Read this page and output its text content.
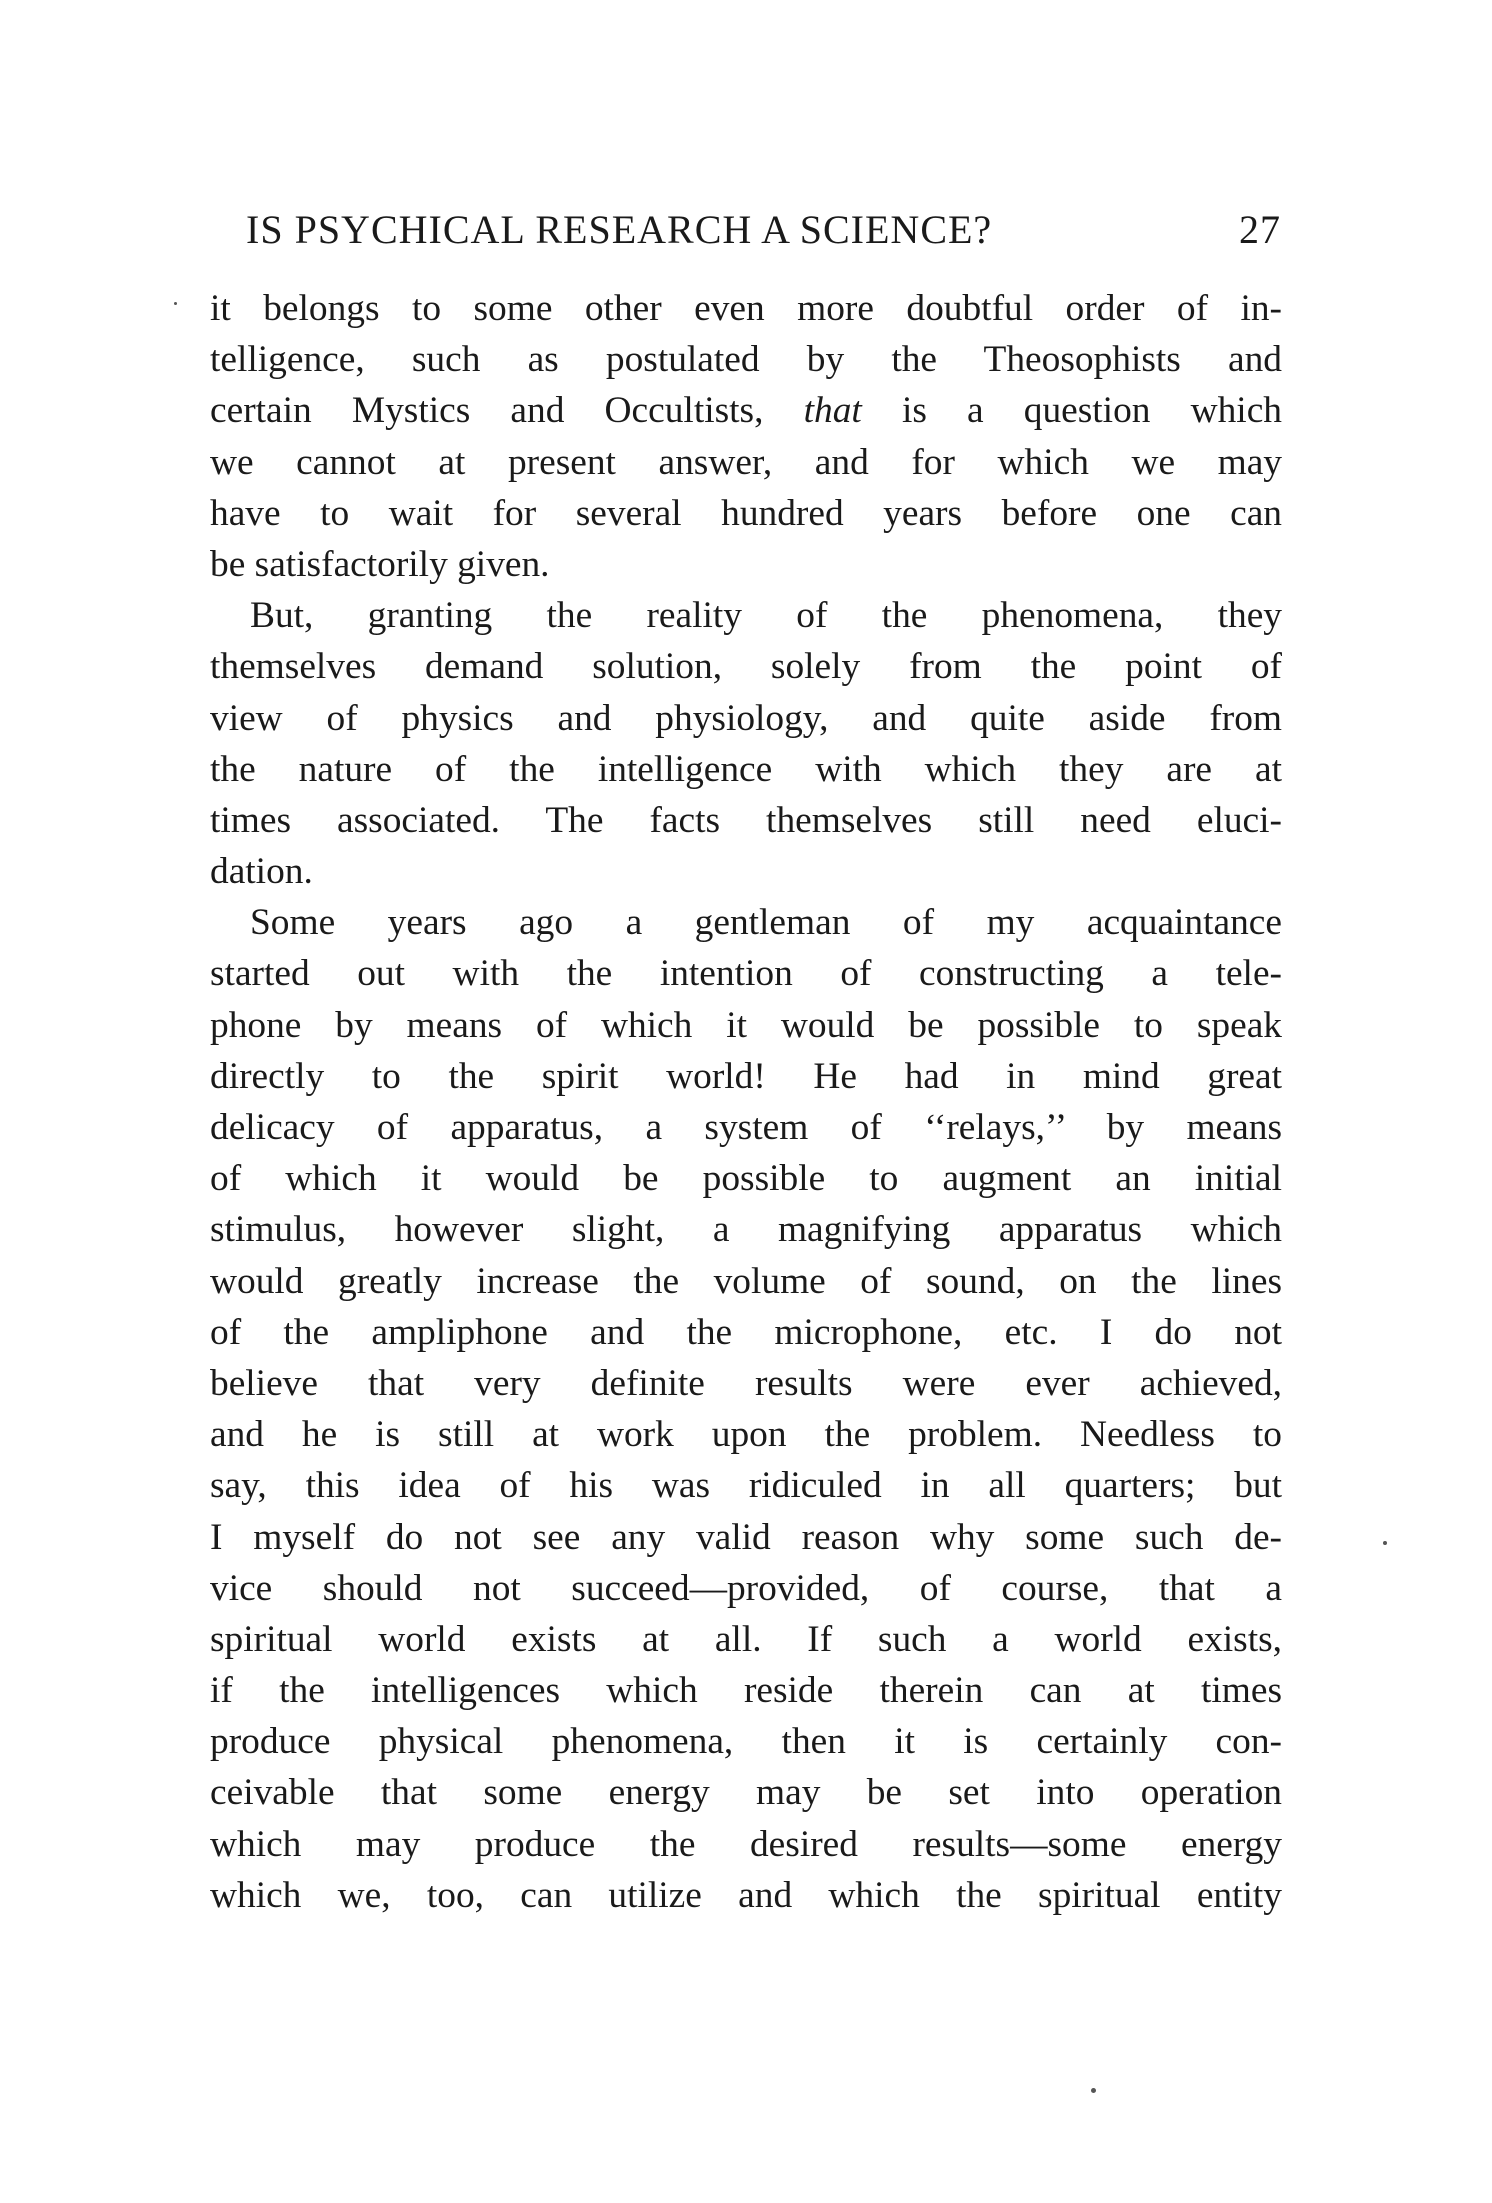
IS PSYCHICAL RESEARCH A SCIENCE?	27
it belongs to some other even more doubtful order of in-
telligence, such as postulated by the Theosophists and
certain Mystics and Occultists, that is a question which
we cannot at present answer, and for which we may
have to wait for several hundred years before one can
be satisfactorily given.
But, granting the reality of the phenomena, they
themselves demand solution, solely from the point of
view of physics and physiology, and quite aside from
the nature of the intelligence with which they are at
times associated. The facts themselves still need eluci-
dation.
Some years ago a gentleman of my acquaintance
started out with the intention of constructing a tele-
phone by means of which it would be possible to speak
directly to the spirit world! He had in mind great
delicacy of apparatus, a system of ‘‘relays,’’ by means
of which it would be possible to augment an initial
stimulus, however slight, a magnifying apparatus which
would greatly increase the volume of sound, on the lines
of the ampliphone and the microphone, etc. I do not
believe that very definite results were ever achieved,
and he is still at work upon the problem. Needless to
say, this idea of his was ridiculed in all quarters; but
I myself do not see any valid reason why some such de-
vice should not succeed—provided, of course, that a
spiritual world exists at all. If such a world exists,
if the intelligences which reside therein can at times
produce physical phenomena, then it is certainly con-
ceivable that some energy may be set into operation
which may produce the desired results—some energy
which we, too, can utilize and which the spiritual entity
